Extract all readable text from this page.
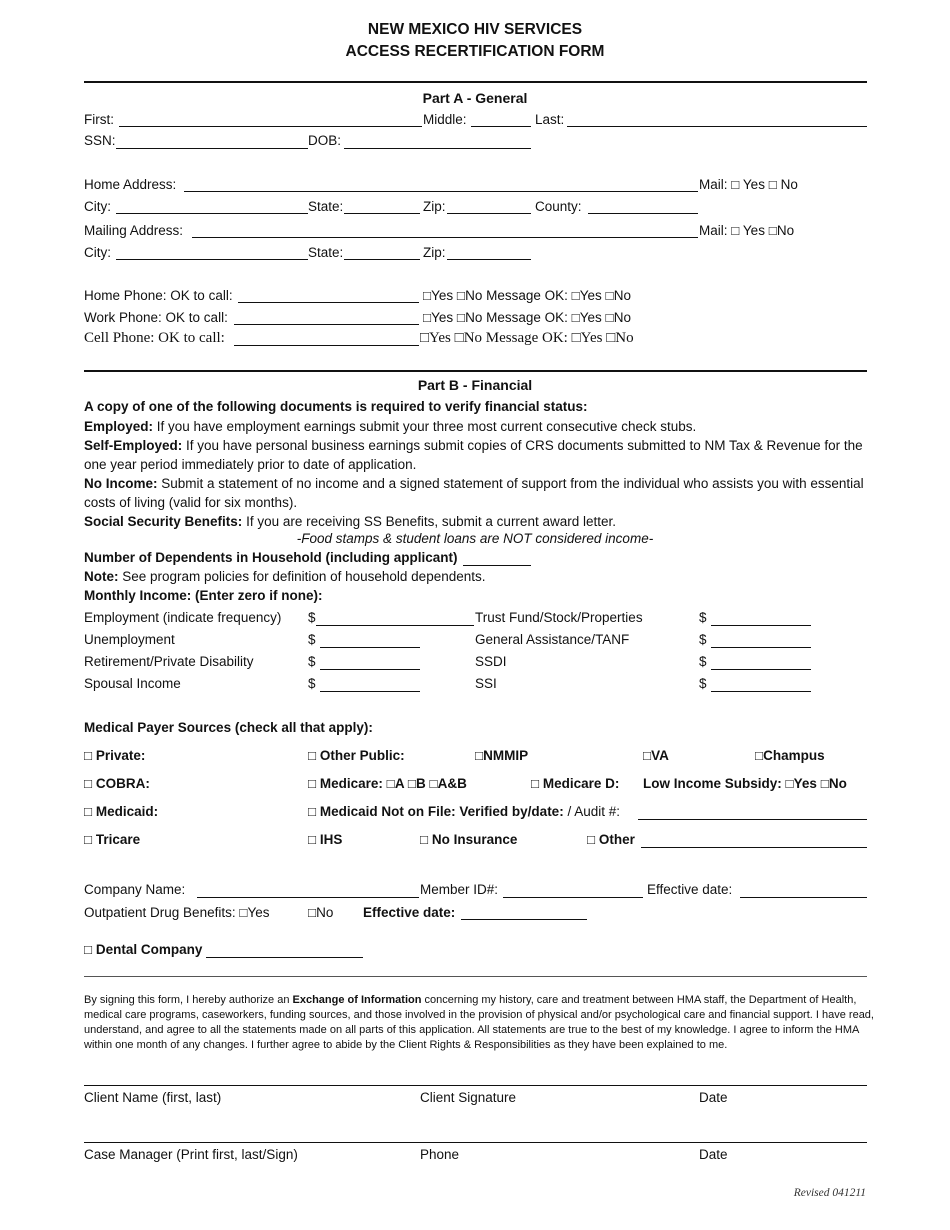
NEW MEXICO HIV SERVICES
ACCESS RECERTIFICATION FORM
Part A - General
First:	Middle:	Last:
SSN:	DOB:
Home Address:	Mail: □ Yes □ No
City:	State:	Zip:	County:
Mailing Address:	Mail: □ Yes □No
City:	State:	Zip:
Home Phone: OK to call:	□Yes □No Message OK: □Yes □No
Work Phone: OK to call:	□Yes □No Message OK: □Yes □No
Cell Phone: OK to call:	□Yes □No Message OK: □Yes □No
Part B - Financial
A copy of one of the following documents is required to verify financial status:
Employed: If you have employment earnings submit your three most current consecutive check stubs.
Self-Employed: If you have personal business earnings submit copies of CRS documents submitted to NM Tax & Revenue for the one year period immediately prior to date of application.
No Income: Submit a statement of no income and a signed statement of support from the individual who assists you with essential costs of living (valid for six months).
Social Security Benefits: If you are receiving SS Benefits, submit a current award letter.
-Food stamps & student loans are NOT considered income-
Number of Dependents in Household (including applicant)
Note: See program policies for definition of household dependents.
Monthly Income: (Enter zero if none):
Employment (indicate frequency) $	Trust Fund/Stock/Properties	$
Unemployment	$	General Assistance/TANF	$
Retirement/Private Disability	$	SSDI	$
Spousal Income	$	SSI	$
Medical Payer Sources (check all that apply):
□ Private:	□ Other Public:	□NMMIP	□VA	□Champus
□ COBRA:	□ Medicare: □A □B □A&B	□ Medicare D: Low Income Subsidy: □Yes □No
□ Medicaid:	□ Medicaid Not on File: Verified by/date: / Audit #:
□ Tricare	□ IHS	□ No Insurance	□ Other
Company Name:	Member ID#:	Effective date:
Outpatient Drug Benefits: □Yes	□No Effective date:
□ Dental Company
By signing this form, I hereby authorize an Exchange of Information concerning my history, care and treatment between HMA staff, the Department of Health, medical care programs, caseworkers, funding sources, and those involved in the provision of physical and/or psychological care and financial support. I have read, understand, and agree to all the statements made on all parts of this application. All statements are true to the best of my knowledge. I agree to inform the HMA within one month of any changes. I further agree to abide by the Client Rights & Responsibilities as they have been explained to me.
Client Name (first, last)	Client Signature	Date
Case Manager (Print first, last/Sign)	Phone	Date
Revised 041211
